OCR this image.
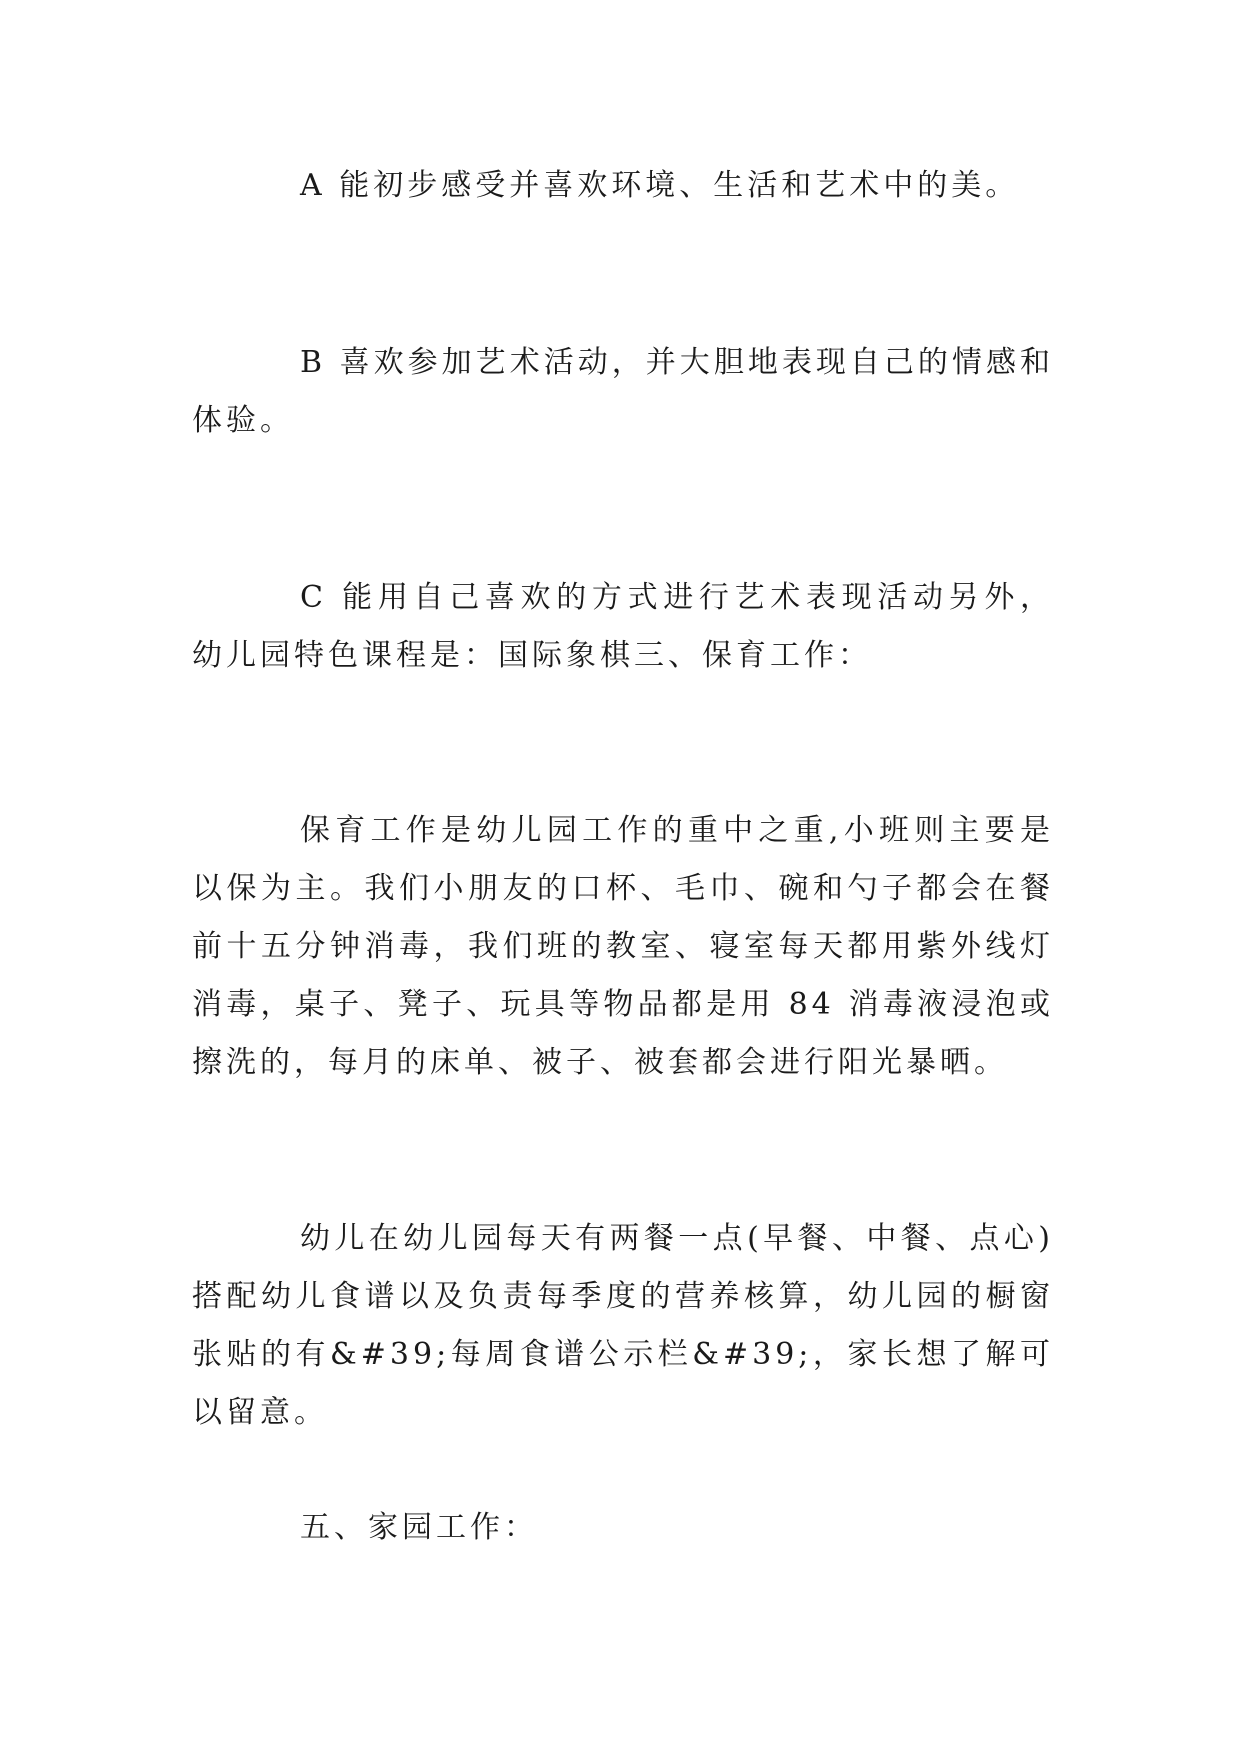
A 能初步感受并喜欢环境、生活和艺术中的美。

B 喜欢参加艺术活动，并大胆地表现自己的情感和体验。

C 能用自己喜欢的方式进行艺术表现活动另外，幼儿园特色课程是：国际象棋三、保育工作：

保育工作是幼儿园工作的重中之重,小班则主要是以保为主。我们小朋友的口杯、毛巾、碗和勺子都会在餐前十五分钟消毒，我们班的教室、寝室每天都用紫外线灯消毒，桌子、凳子、玩具等物品都是用 84 消毒液浸泡或擦洗的，每月的床单、被子、被套都会进行阳光暴晒。

幼儿在幼儿园每天有两餐一点(早餐、中餐、点心)搭配幼儿食谱以及负责每季度的营养核算，幼儿园的橱窗张贴的有&#39;每周食谱公示栏&#39;，家长想了解可以留意。

五、家园工作：
